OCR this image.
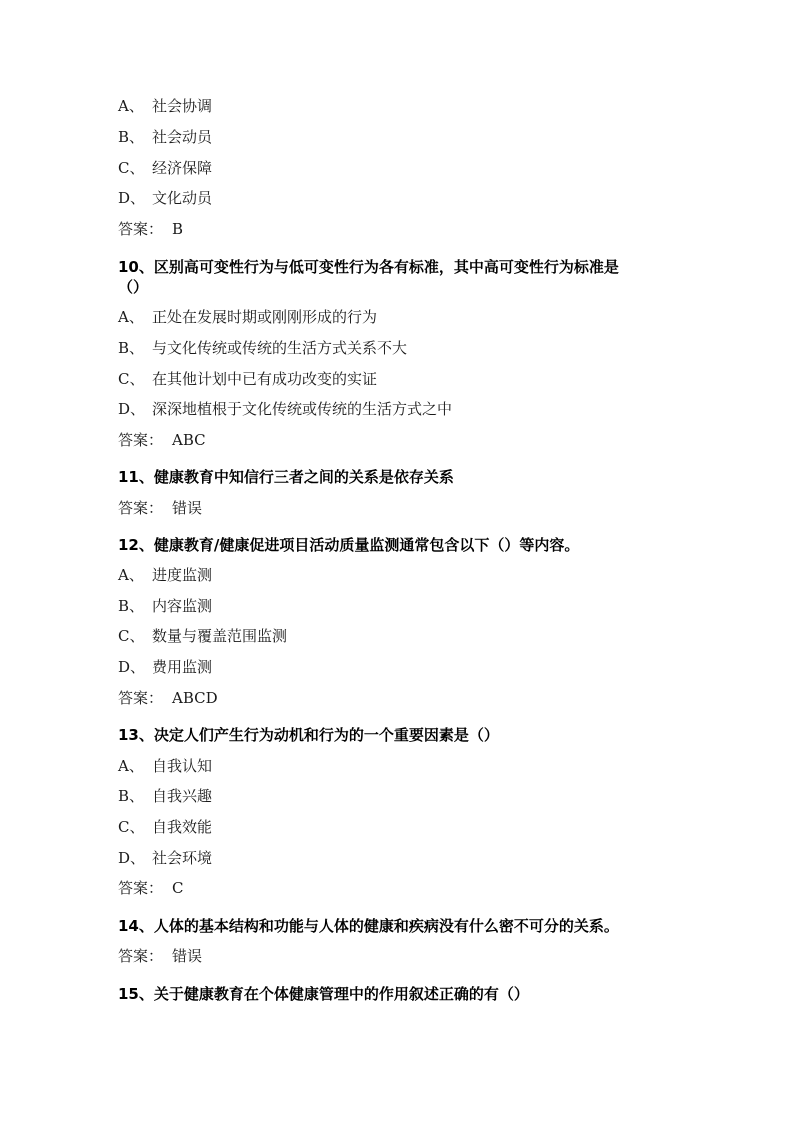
A、 社会协调
B、 社会动员
C、 经济保障
D、 文化动员
答案： B
10、区别高可变性行为与低可变性行为各有标准，其中高可变性行为标准是
（）
A、 正处在发展时期或刚刚形成的行为
B、 与文化传统或传统的生活方式关系不大
C、 在其他计划中已有成功改变的实证
D、 深深地植根于文化传统或传统的生活方式之中
答案： ABC
11、健康教育中知信行三者之间的关系是依存关系
答案： 错误
12、健康教育/健康促进项目活动质量监测通常包含以下（）等内容。
A、 进度监测
B、 内容监测
C、 数量与覆盖范围监测
D、 费用监测
答案： ABCD
13、决定人们产生行为动机和行为的一个重要因素是（）
A、 自我认知
B、 自我兴趣
C、 自我效能
D、 社会环境
答案： C
14、人体的基本结构和功能与人体的健康和疾病没有什么密不可分的关系。
答案： 错误
15、关于健康教育在个体健康管理中的作用叙述正确的有（）
